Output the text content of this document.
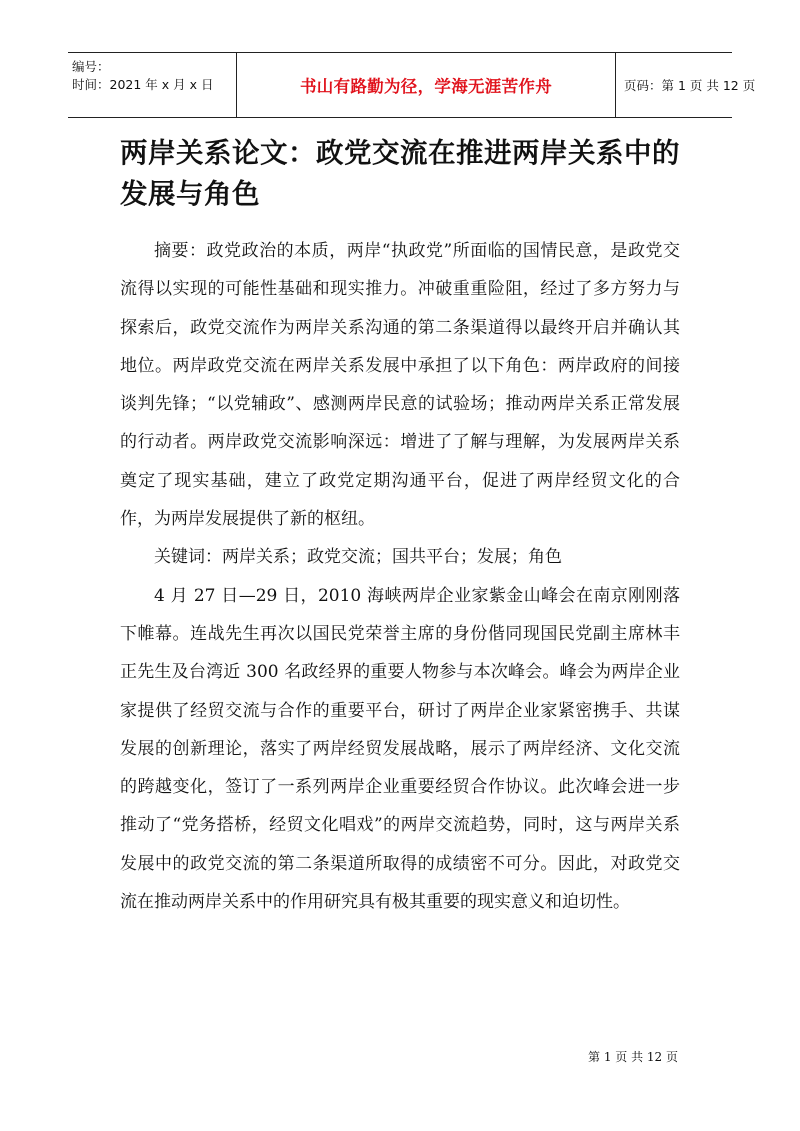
编号：
时间：2021 年 x 月 x 日	书山有路勤为径，学海无涯苦作舟	页码：第 1 页 共 12 页
两岸关系论文：政党交流在推进两岸关系中的发展与角色

摘要：政党政治的本质，两岸“执政党”所面临的国情民意，是政党交流得以实现的可能性基础和现实推力。冲破重重险阻，经过了多方努力与探索后，政党交流作为两岸关系沟通的第二条渠道得以最终开启并确认其地位。两岸政党交流在两岸关系发展中承担了以下角色：两岸政府的间接谈判先锋；“以党辅政”、感测两岸民意的试验场；推动两岸关系正常发展的行动者。两岸政党交流影响深远：增进了了解与理解，为发展两岸关系奠定了现实基础，建立了政党定期沟通平台，促进了两岸经贸文化的合作，为两岸发展提供了新的枢纽。

关键词：两岸关系；政党交流；国共平台；发展；角色

4 月 27 日—29 日，2010 海峡两岸企业家紫金山峰会在南京刚刚落下帷幕。连战先生再次以国民党荣誉主席的身份偕同现国民党副主席林丰正先生及台湾近 300 名政经界的重要人物参与本次峰会。峰会为两岸企业家提供了经贸交流与合作的重要平台，研讨了两岸企业家紧密携手、共谋发展的创新理论，落实了两岸经贸发展战略，展示了两岸经济、文化交流的跨越变化，签订了一系列两岸企业重要经贸合作协议。此次峰会进一步推动了“党务搭桥，经贸文化唱戏”的两岸交流趋势，同时，这与两岸关系发展中的政党交流的第二条渠道所取得的成绩密不可分。因此，对政党交流在推动两岸关系中的作用研究具有极其重要的现实意义和迫切性。

第 1 页 共 12 页
